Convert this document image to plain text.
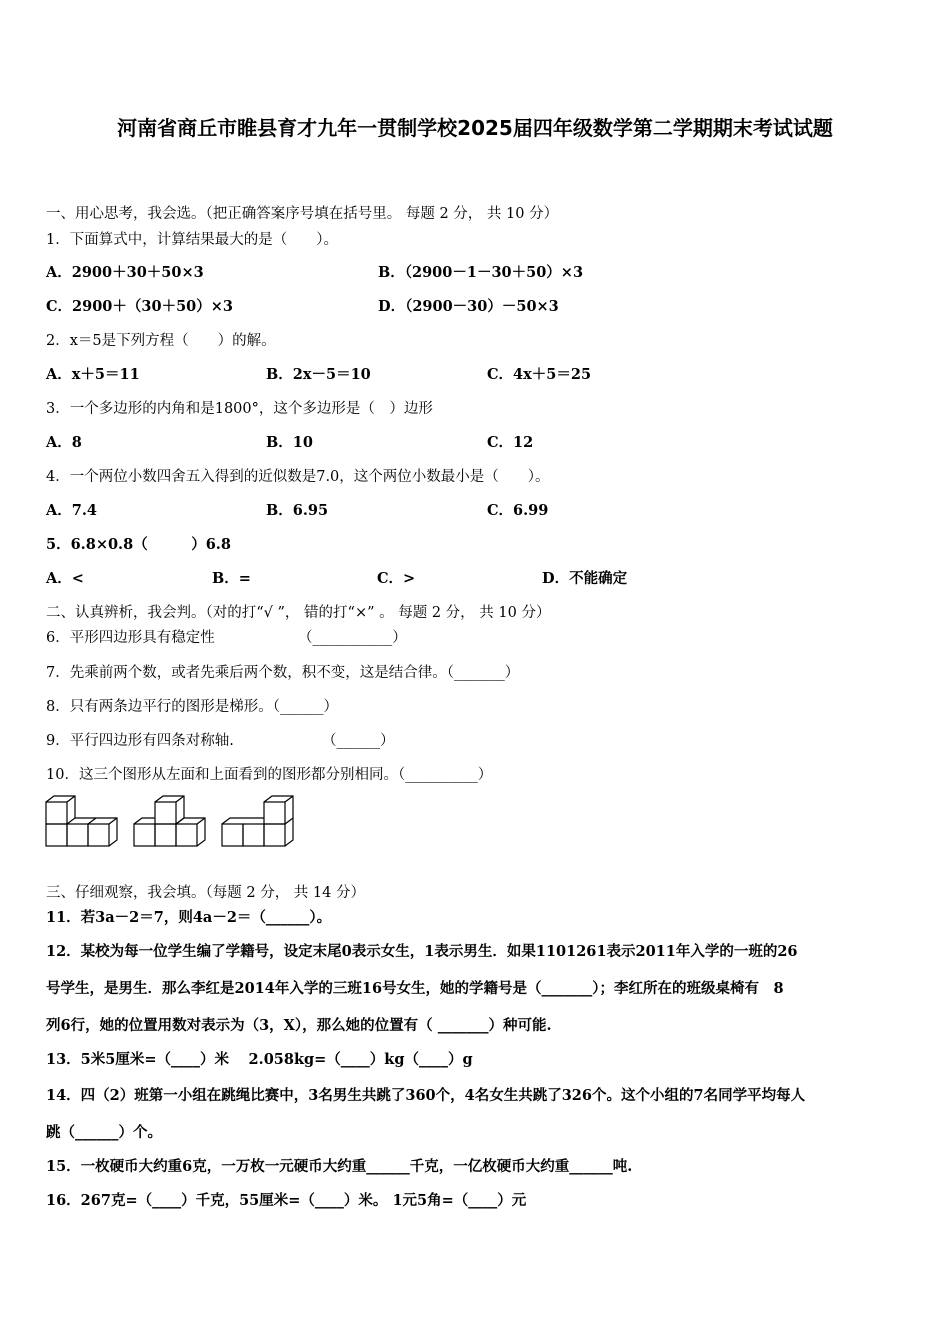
河南省商丘市睢县育才九年一贯制学校2025届四年级数学第二学期期末考试试题
一、用心思考，我会选。（把正确答案序号填在括号里。 每题 2 分， 共 10 分）
1．下面算式中，计算结果最大的是（　　）。
A．2900＋30＋50×3	B．（2900－1－30＋50）×3
C．2900＋（30＋50）×3	D．（2900－30）－50×3
2．x＝5是下列方程（　　）的解。
A．x＋5＝11	B．2x－5＝10	C．4x＋5＝25
3．一个多边形的内角和是1800°，这个多边形是（　）边形
A．8	B．10	C．12
4．一个两位小数四舍五入得到的近似数是7.0，这个两位小数最小是（　　）。
A．7.4	B．6.95	C．6.99
5．6.8×0.8（　　　）6.8
A．<	B．=	C．>	D．不能确定
二、认真辨析，我会判。（对的打“√ ”， 错的打“×” 。 每题 2 分， 共 10 分）
6．平形四边形具有稳定性	（___________）
7．先乘前两个数，或者先乘后两个数，积不变，这是结合律。（_______）
8．只有两条边平行的图形是梯形。（______）
9．平行四边形有四条对称轴.	（______）
10．这三个图形从左面和上面看到的图形都分别相同。（__________）
三、仔细观察，我会填。（每题 2 分， 共 14 分）
11．若3a－2＝7，则4a－2＝（______）。
12．某校为每一位学生编了学籍号，设定末尾0表示女生，1表示男生．如果1101261表示2011年入学的一班的26
号学生，是男生．那么李红是2014年入学的三班16号女生，她的学籍号是（_______）；李红所在的班级桌椅有　8
列6行，她的位置用数对表示为（3，X），那么她的位置有（ _______）种可能.
13．5米5厘米=（____）米　 2.058kg=（____）kg（____）g
14．四（2）班第一小组在跳绳比赛中，3名男生共跳了360个，4名女生共跳了326个。这个小组的7名同学平均每人
跳（______）个。
15．一枚硬币大约重6克，一万枚一元硬币大约重______千克，一亿枚硬币大约重______吨.
16．267克=（____）千克，55厘米=（____）米。 1元5角=（____）元
